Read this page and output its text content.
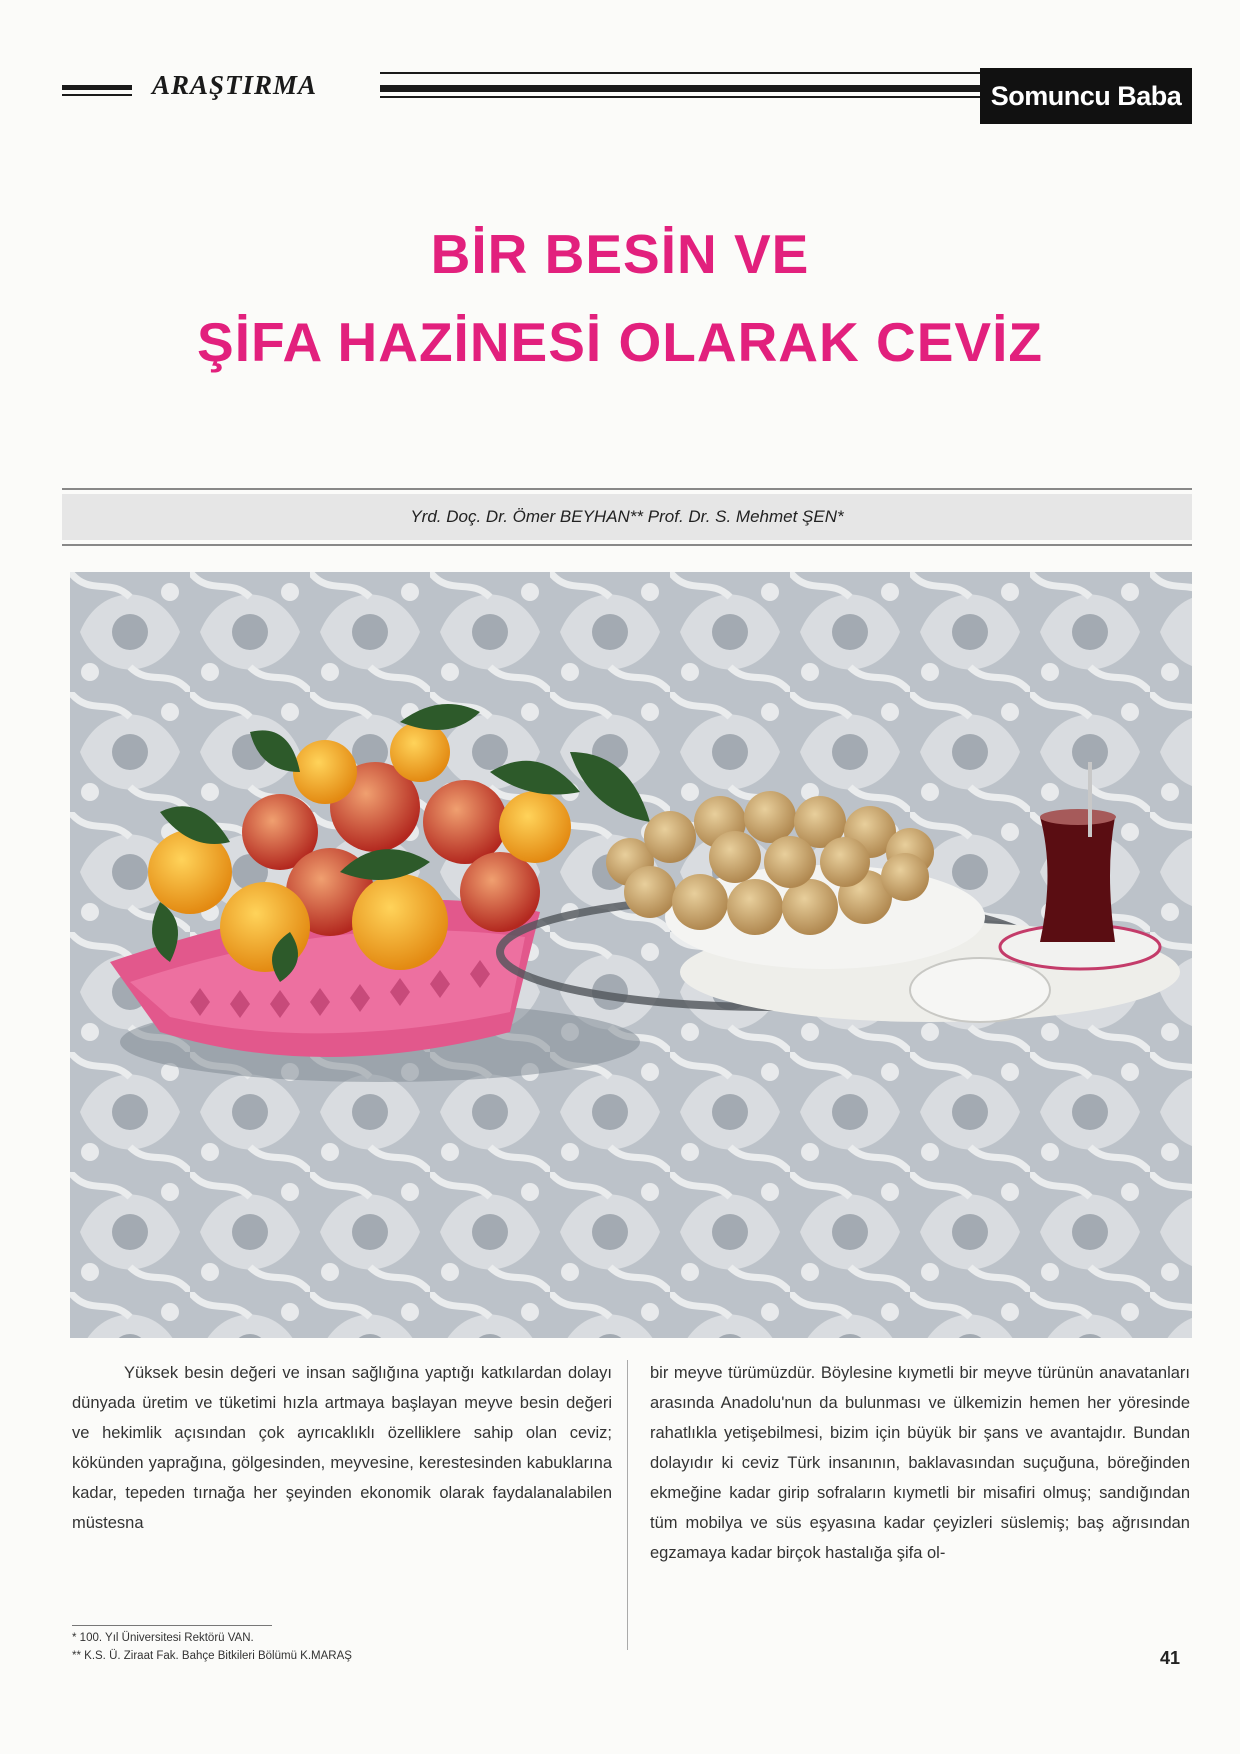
ARAŞTIRMA	Somuncu Baba
BİR BESİN VE
ŞİFA HAZİNESİ OLARAK CEVİZ
Yrd. Doç. Dr. Ömer BEYHAN** Prof. Dr. S. Mehmet ŞEN*
Yüksek besin değeri ve insan sağlığına yaptığı katkılardan dolayı dünyada üretim ve tüketimi hızla artmaya başlayan meyve besin değeri ve hekimlik açısından çok ayrıcaklıklı özelliklere sahip olan ceviz; kökünden yaprağına, gölgesinden, meyvesine, kerestesinden kabuklarına kadar, tepeden tırnağa her şeyinden ekonomik olarak faydalanalabilen müstesna
bir meyve türümüzdür. Böylesine kıymetli bir meyve türünün anavatanları arasında Anadolu'nun da bulunması ve ülkemizin hemen her yöresinde rahatlıkla yetişebilmesi, bizim için büyük bir şans ve avantajdır. Bundan dolayıdır ki ceviz Türk insanının, baklavasından suçuğuna, böreğinden ekmeğine kadar girip sofraların kıymetli bir misafiri olmuş; sandığından tüm mobilya ve süs eşyasına kadar çeyizleri süslemiş; baş ağrısından egzamaya kadar birçok hastalığa şifa ol-
* 100. Yıl Üniversitesi Rektörü VAN.
** K.S. Ü. Ziraat Fak. Bahçe Bitkileri Bölümü K.MARAŞ	41
